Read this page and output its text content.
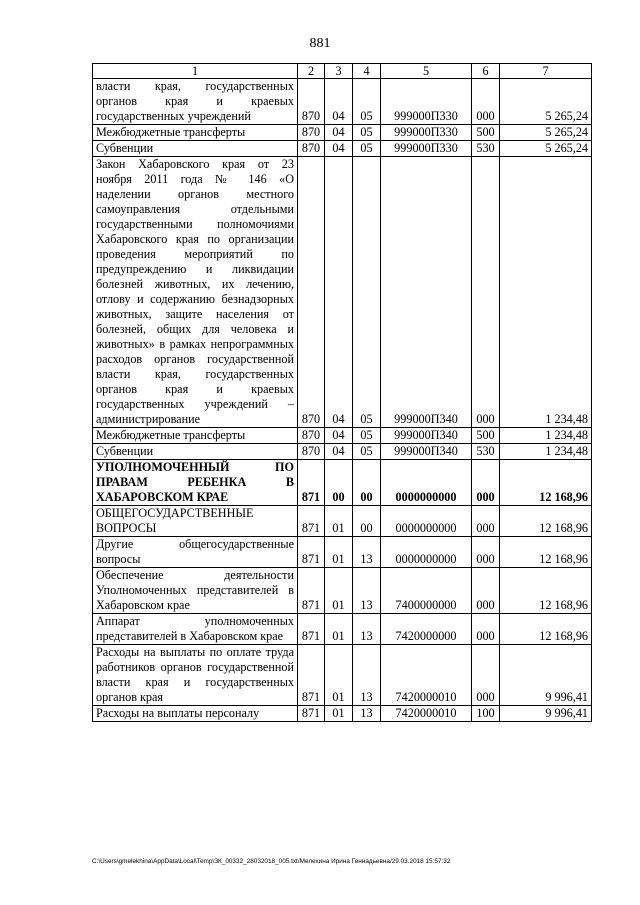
881
1	2	3	4	5	6	7
власти края, государственных органов края и краевых государственных учреждений	870	04	05	999000П330	000	5 265,24
Межбюджетные трансферты	870	04	05	999000П330	500	5 265,24
Субвенции	870	04	05	999000П330	530	5 265,24
Закон Хабаровского края от 23 ноября 2011 года № 146 «О наделении органов местного самоуправления отдельными государственными полномочиями Хабаровского края по организации проведения мероприятий по предупреждению и ликвидации болезней животных, их лечению, отлову и содержанию безнадзорных животных, защите населения от болезней, общих для человека и животных» в рамках непрограммных расходов органов государственной власти края, государственных органов края и краевых государственных учреждений – администрирование	870	04	05	999000П340	000	1 234,48
Межбюджетные трансферты	870	04	05	999000П340	500	1 234,48
Субвенции	870	04	05	999000П340	530	1 234,48
УПОЛНОМОЧЕННЫЙ ПО ПРАВАМ РЕБЕНКА В ХАБАРОВСКОМ КРАЕ	871	00	00	0000000000	000	12 168,96
ОБЩЕГОСУДАРСТВЕННЫЕ ВОПРОСЫ	871	01	00	0000000000	000	12 168,96
Другие общегосударственные вопросы	871	01	13	0000000000	000	12 168,96
Обеспечение деятельности Уполномоченных представителей в Хабаровском крае	871	01	13	7400000000	000	12 168,96
Аппарат уполномоченных представителей в Хабаровском крае	871	01	13	7420000000	000	12 168,96
Расходы на выплаты по оплате труда работников органов государственной власти края и государственных органов края	871	01	13	7420000010	000	9 996,41
Расходы на выплаты персоналу	871	01	13	7420000010	100	9 996,41
C:\Users\gmelekhina\AppData\Local\Temp\ЗК_00332_28032018_005.txt/Мелехина Ирина Геннадьевна/29.03.2018 15:57:32
